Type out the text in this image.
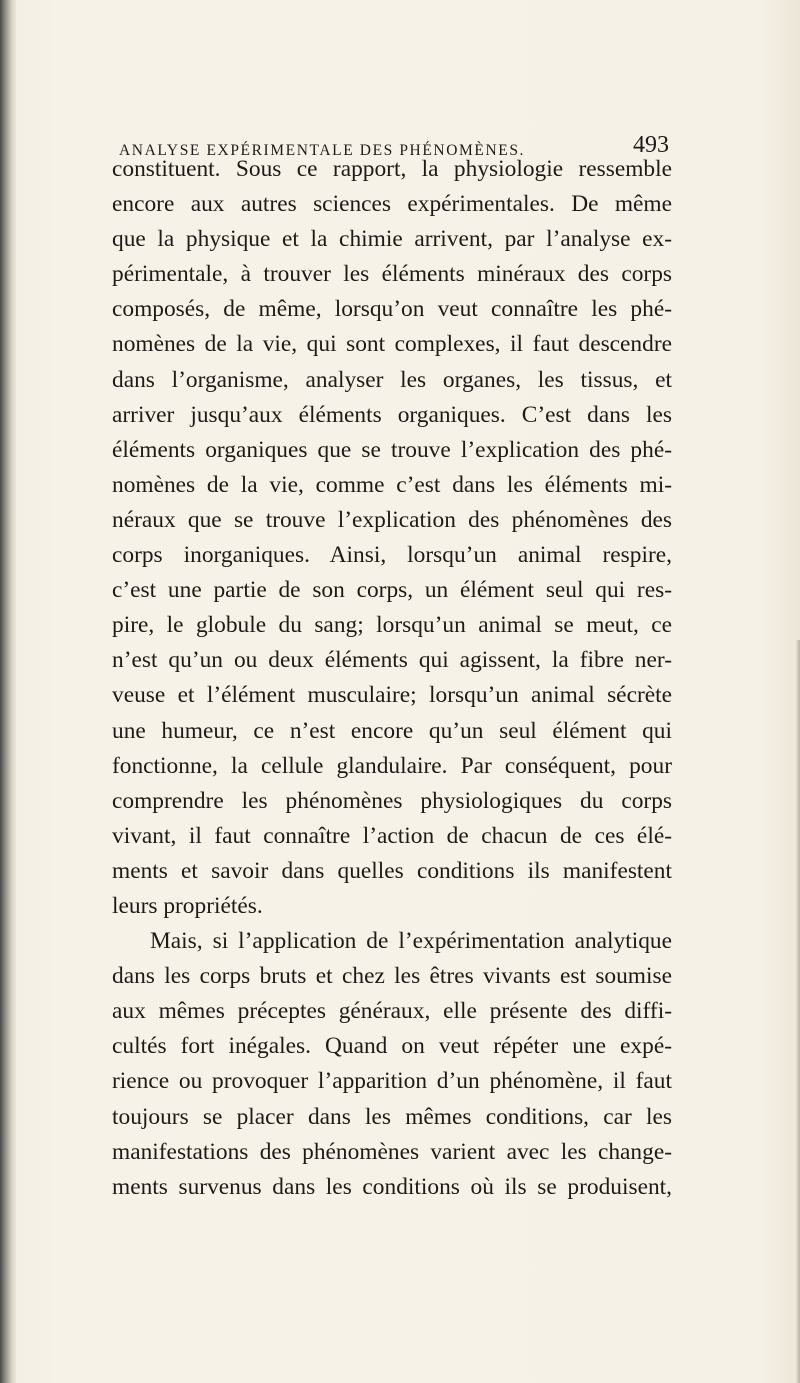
ANALYSE EXPÉRIMENTALE DES PHÉNOMÈNES.	493
constituent. Sous ce rapport, la physiologie ressemble
encore aux autres sciences expérimentales. De même
que la physique et la chimie arrivent, par l’analyse ex-
périmentale, à trouver les éléments minéraux des corps
composés, de même, lorsqu’on veut connaître les phé-
nomènes de la vie, qui sont complexes, il faut descendre
dans l’organisme, analyser les organes, les tissus, et
arriver jusqu’aux éléments organiques. C’est dans les
éléments organiques que se trouve l’explication des phé-
nomènes de la vie, comme c’est dans les éléments mi-
néraux que se trouve l’explication des phénomènes des
corps inorganiques. Ainsi, lorsqu’un animal respire,
c’est une partie de son corps, un élément seul qui res-
pire, le globule du sang; lorsqu’un animal se meut, ce
n’est qu’un ou deux éléments qui agissent, la fibre ner-
veuse et l’élément musculaire; lorsqu’un animal sécrète
une humeur, ce n’est encore qu’un seul élément qui
fonctionne, la cellule glandulaire. Par conséquent, pour
comprendre les phénomènes physiologiques du corps
vivant, il faut connaître l’action de chacun de ces élé-
ments et savoir dans quelles conditions ils manifestent
leurs propriétés.
Mais, si l’application de l’expérimentation analytique
dans les corps bruts et chez les êtres vivants est soumise
aux mêmes préceptes généraux, elle présente des diffi-
cultés fort inégales. Quand on veut répéter une expé-
rience ou provoquer l’apparition d’un phénomène, il faut
toujours se placer dans les mêmes conditions, car les
manifestations des phénomènes varient avec les change-
ments survenus dans les conditions où ils se produisent,
